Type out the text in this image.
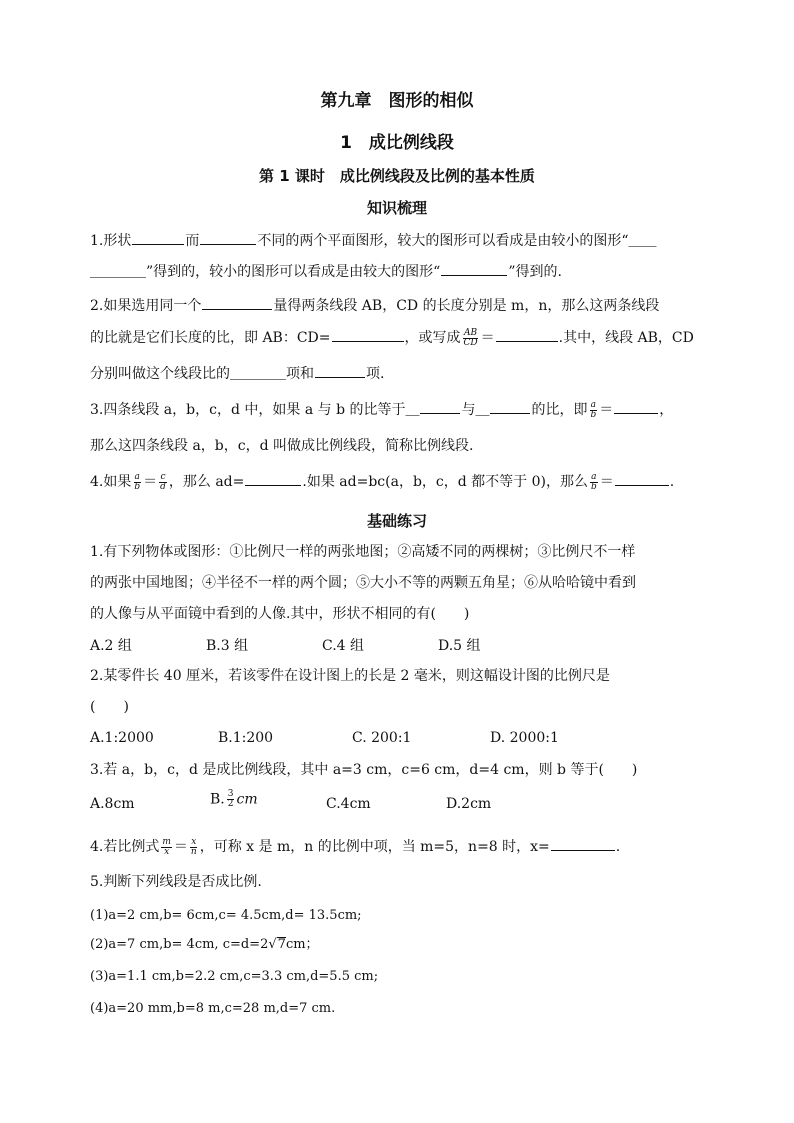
第九章　图形的相似
1　成比例线段
第 1 课时　成比例线段及比例的基本性质
知识梳理
1.形状	而	不同的两个平面图形，较大的图形可以看成是由较小的图形“＿＿
＿＿＿＿”得到的，较小的图形可以看成是由较大的图形“	”得到的.
2.如果选用同一个	量得两条线段 AB，CD 的长度分别是 m，n，那么这两条线段
的比就是它们长度的比，即 AB：CD=	，或写成 $\frac{AB}{CD}$ ＝	.其中，线段 AB，CD
分别叫做这个线段比的＿＿＿＿项和	项.
3.四条线段 a，b，c，d 中，如果 a 与 b 的比等于＿	与＿	的比，即 $\frac{a}{b}$ ＝	，
那么这四条线段 a，b，c，d 叫做成比例线段，简称比例线段.
4.如果 $\frac{a}{b} = \frac{c}{d}$ ，那么 ad=	.如果 ad=bc(a，b，c，d 都不等于 0)，那么 $\frac{a}{b}$ ＝	.
基础练习
1.有下列物体或图形：①比例尺一样的两张地图；②高矮不同的两棵树；③比例尺不一样
的两张中国地图；④半径不一样的两个圆；⑤大小不等的两颗五角星；⑥从哈哈镜中看到
的人像与从平面镜中看到的人像.其中，形状不相同的有(　　)
A.2 组	B.3 组	C.4 组	D.5 组
2.某零件长 40 厘米，若该零件在设计图上的长是 2 毫米，则这幅设计图的比例尺是
(　　)
A.1:2000	B.1:200	C. 200:1	D. 2000:1
3.若 a，b，c，d 是成比例线段，其中 a=3 cm，c=6 cm，d=4 cm，则 b 等于(　　)
A.8cm	B. $\frac{3}{2}$ cm	C.4cm	D.2cm
4.若比例式 $\frac{m}{x} = \frac{x}{n}$ ，可称 x 是 m，n 的比例中项，当 m=5，n=8 时，x=	.
5.判断下列线段是否成比例.
(1)a=2 cm,b= 6cm,c= 4.5cm,d= 13.5cm;
(2)a=7 cm,b= 4cm, c=d=2√7cm；
(3)a=1.1 cm,b=2.2 cm,c=3.3 cm,d=5.5 cm;
(4)a=20 mm,b=8 m,c=28 m,d=7 cm.
